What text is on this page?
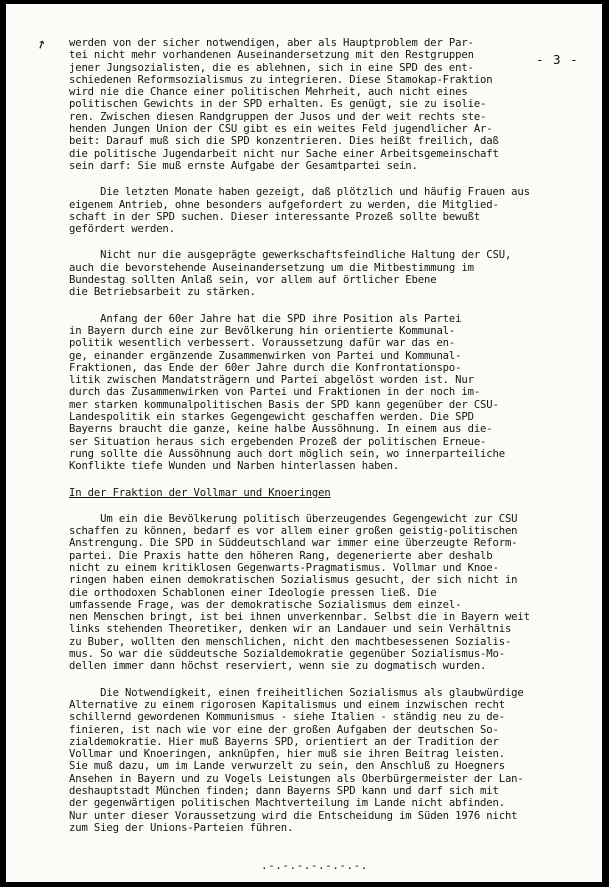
↗
- 3 -
werden von der sicher notwendigen, aber als Hauptproblem der Par-
tei nicht mehr vorhandenen Auseinandersetzung mit den Restgruppen
jener Jungsozialisten, die es ablehnen, sich in eine SPD des ent-
schiedenen Reformsozialismus zu integrieren. Diese Stamokap-Fraktion
wird nie die Chance einer politischen Mehrheit, auch nicht eines
politischen Gewichts in der SPD erhalten. Es genügt, sie zu isolie-
ren. Zwischen diesen Randgruppen der Jusos und der weit rechts ste-
henden Jungen Union der CSU gibt es ein weites Feld jugendlicher Ar-
beit: Darauf muß sich die SPD konzentrieren. Dies heißt freilich, daß
die politische Jugendarbeit nicht nur Sache einer Arbeitsgemeinschaft
sein darf: Sie muß ernste Aufgabe der Gesamtpartei sein.
Die letzten Monate haben gezeigt, daß plötzlich und häufig Frauen aus
eigenem Antrieb, ohne besonders aufgefordert zu werden, die Mitglied-
schaft in der SPD suchen. Dieser interessante Prozeß sollte bewußt
gefördert werden.
Nicht nur die ausgeprägte gewerkschaftsfeindliche Haltung der CSU,
auch die bevorstehende Auseinandersetzung um die Mitbestimmung im
Bundestag sollten Anlaß sein, vor allem auf örtlicher Ebene
die Betriebsarbeit zu stärken.
Anfang der 60er Jahre hat die SPD ihre Position als Partei
in Bayern durch eine zur Bevölkerung hin orientierte Kommunal-
politik wesentlich verbessert. Voraussetzung dafür war das en-
ge, einander ergänzende Zusammenwirken von Partei und Kommunal-
Fraktionen, das Ende der 60er Jahre durch die Konfrontationspo-
litik zwischen Mandatsträgern und Partei abgelöst worden ist. Nur
durch das Zusammenwirken von Partei und Fraktionen in der noch im-
mer starken kommunalpolitischen Basis der SPD kann gegenüber der CSU-
Landespolitik ein starkes Gegengewicht geschaffen werden. Die SPD
Bayerns braucht die ganze, keine halbe Aussöhnung. In einem aus die-
ser Situation heraus sich ergebenden Prozeß der politischen Erneue-
rung sollte die Aussöhnung auch dort möglich sein, wo innerparteiliche
Konflikte tiefe Wunden und Narben hinterlassen haben.
In der Fraktion der Vollmar und Knoeringen
Um ein die Bevölkerung politisch überzeugendes Gegengewicht zur CSU
schaffen zu können, bedarf es vor allem einer großen geistig-politischen
Anstrengung. Die SPD in Süddeutschland war immer eine überzeugte Reform-
partei. Die Praxis hatte den höheren Rang, degenerierte aber deshalb
nicht zu einem kritiklosen Gegenwarts-Pragmatismus. Vollmar und Knoe-
ringen haben einen demokratischen Sozialismus gesucht, der sich nicht in
die orthodoxen Schablonen einer Ideologie pressen ließ. Die
umfassende Frage, was der demokratische Sozialismus dem einzel-
nen Menschen bringt, ist bei ihnen unverkennbar. Selbst die in Bayern weit
links stehenden Theoretiker, denken wir an Landauer und sein Verhältnis
zu Buber, wollten den menschlichen, nicht den machtbesessenen Sozialis-
mus. So war die süddeutsche Sozialdemokratie gegenüber Sozialismus-Mo-
dellen immer dann höchst reserviert, wenn sie zu dogmatisch wurden.
Die Notwendigkeit, einen freiheitlichen Sozialismus als glaubwürdige
Alternative zu einem rigorosen Kapitalismus und einem inzwischen recht
schillernd gewordenen Kommunismus - siehe Italien - ständig neu zu de-
finieren, ist nach wie vor eine der großen Aufgaben der deutschen So-
zialdemokratie. Hier muß Bayerns SPD, orientiert an der Tradition der
Vollmar und Knoeringen, anknüpfen, hier muß sie ihren Beitrag leisten.
Sie muß dazu, um im Lande verwurzelt zu sein, den Anschluß zu Hoegners
Ansehen in Bayern und zu Vogels Leistungen als Oberbürgermeister der Lan-
deshauptstadt München finden; dann Bayerns SPD kann und darf sich mit
der gegenwärtigen politischen Machtverteilung im Lande nicht abfinden.
Nur unter dieser Voraussetzung wird die Entscheidung im Süden 1976 nicht
zum Sieg der Unions-Parteien führen.
.-.-.-.-.-.-.-.
